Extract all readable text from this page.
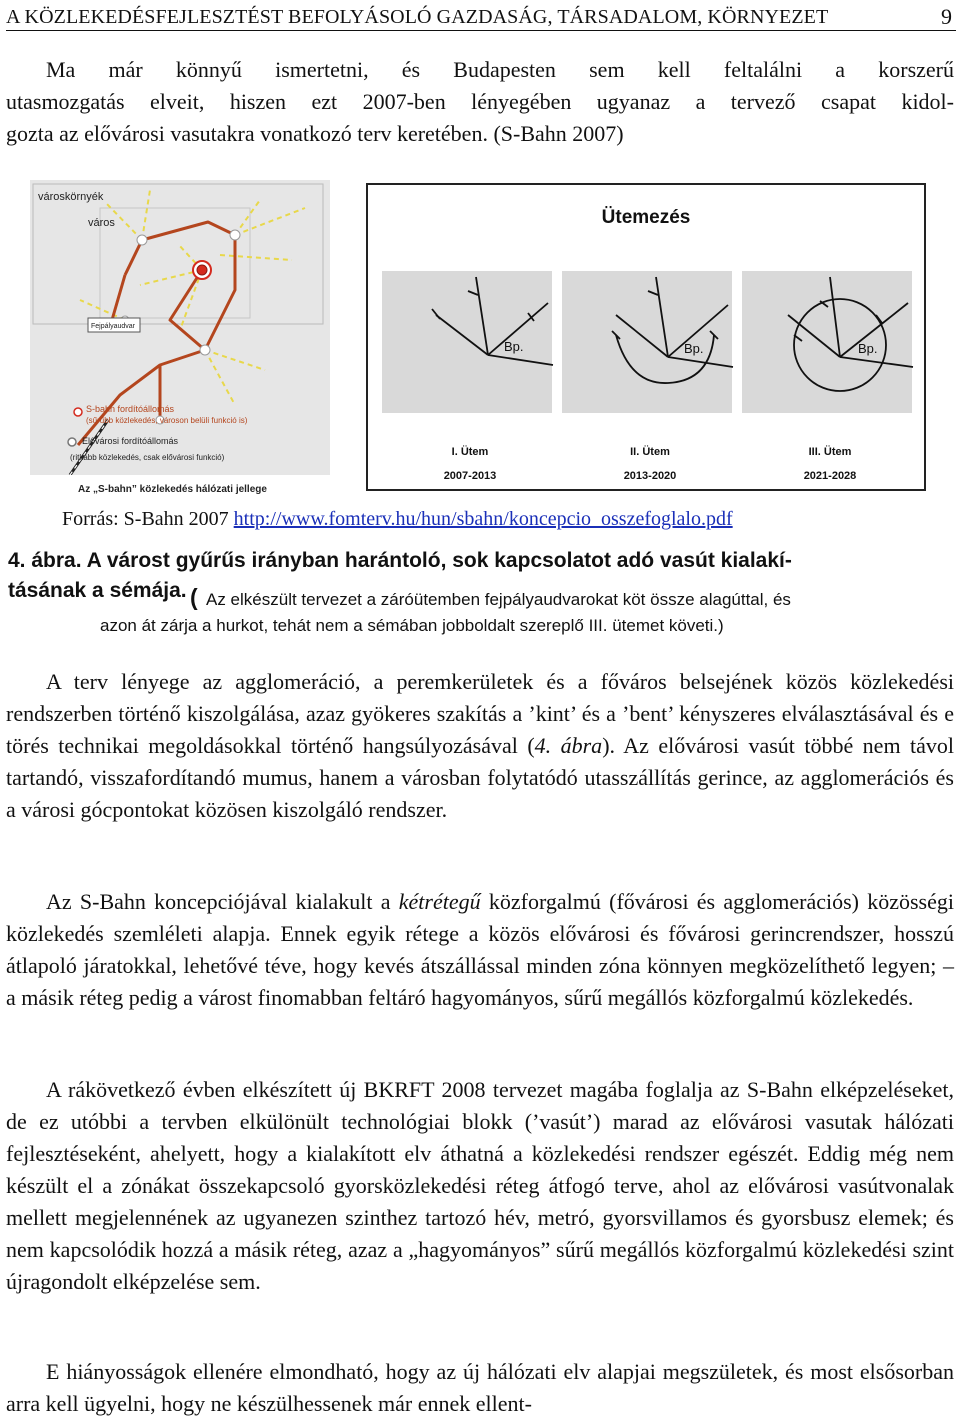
A KÖZLEKEDÉSFEJLESZTÉST BEFOLYÁSOLÓ GAZDASÁG, TÁRSADALOM, KÖRNYEZET	9
Ma már könnyű ismertetni, és Budapesten sem kell feltalálni a korszerű
utasmozgatás elveit, hiszen ezt 2007-ben lényegében ugyanaz a tervező csapat kidol-
gozta az elővárosi vasutakra vonatkozó terv keretében. (S-Bahn 2007)
városkörnyék
város
Fejpályaudvar
S-bahn fordítóállomás
(sűrűbb közlekedés, városon belüli funkció is)
Elővárosi fordítóállomás
(ritkább közlekedés, csak elővárosi funkció)
Az „S-bahn” közlekedés hálózati jellege
Ütemezés
Bp.	Bp.	Bp.
I. Ütem
2007-2013
II. Ütem
2013-2020
III. Ütem
2021-2028
Forrás: S-Bahn 2007 http://www.fomterv.hu/hun/sbahn/koncepcio_osszefoglalo.pdf

4. ábra. A várost gyűrűs irányban harántoló, sok kapcsolatot adó vasút kialakí-
tásának a sémája. ( Az elkészült tervezet a záróütemben fejpályaudvarokat köt össze alagúttal, és
azon át zárja a hurkot, tehát nem a sémában jobboldalt szereplő III. ütemet követi.)

A terv lényege az agglomeráció, a peremkerületek és a főváros belsejének közös közlekedési rendszerben történő kiszolgálása, azaz gyökeres szakítás a ’kint’ és a ’bent’ kényszeres elválasztásával és e törés technikai megoldásokkal történő hangsúlyozásával (4. ábra). Az elővárosi vasút többé nem távol tartandó, visszafordítandó mumus, hanem a városban folytatódó utasszállítás gerince, az agglomerációs és a városi gócpontokat közösen kiszolgáló rendszer.

Az S-Bahn koncepciójával kialakult a kétrétegű közforgalmú (fővárosi és agglomerációs) közösségi közlekedés szemléleti alapja. Ennek egyik rétege a közös elővárosi és fővárosi gerincrendszer, hosszú átlapoló járatokkal, lehetővé téve, hogy kevés átszállással minden zóna könnyen megközelíthető legyen; – a másik réteg pedig a várost finomabban feltáró hagyományos, sűrű megállós közforgalmú közlekedés.

A rákövetkező évben elkészített új BKRFT 2008 tervezet magába foglalja az S-Bahn elképzeléseket, de ez utóbbi a tervben elkülönült technológiai blokk (’vasút’) marad az elővárosi vasutak hálózati fejlesztéseként, ahelyett, hogy a kialakított elv áthatná a közlekedési rendszer egészét. Eddig még nem készült el a zónákat összekapcsoló gyorsközlekedési réteg átfogó terve, ahol az elővárosi vasútvonalak mellett megjelennének az ugyanezen szinthez tartozó hév, metró, gyorsvillamos és gyorsbusz elemek; és nem kapcsolódik hozzá a másik réteg, azaz a „hagyományos” sűrű megállós közforgalmú közlekedési szint újragondolt elképzelése sem.

E hiányosságok ellenére elmondható, hogy az új hálózati elv alapjai megszületek, és most elsősorban arra kell ügyelni, hogy ne készülhessenek már ennek ellent-
